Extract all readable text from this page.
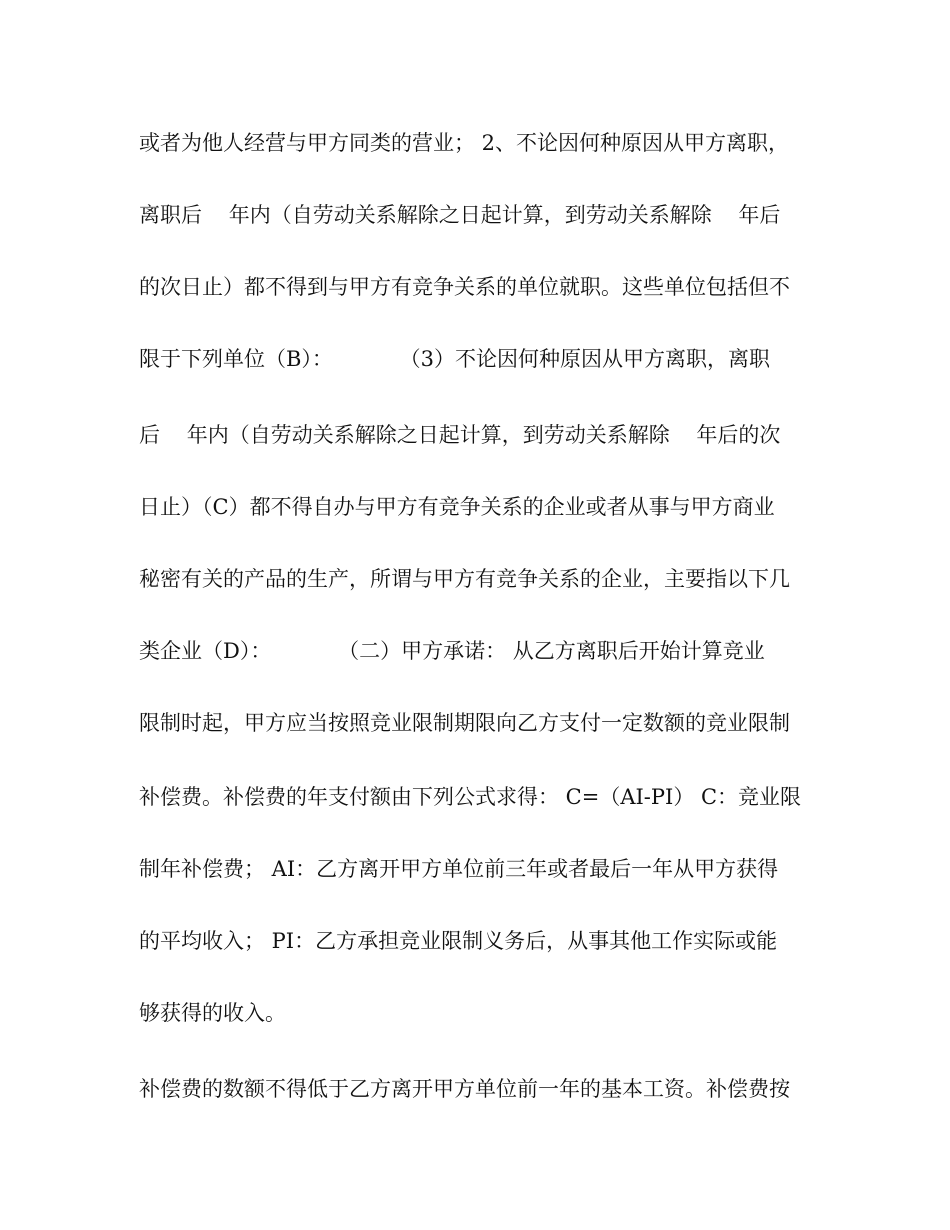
或者为他人经营与甲方同类的营业； 2、不论因何种原因从甲方离职，
离职后    年内（自劳动关系解除之日起计算，到劳动关系解除    年后
的次日止）都不得到与甲方有竞争关系的单位就职。这些单位包括但不
限于下列单位（B）：          （3）不论因何种原因从甲方离职，离职
后    年内（自劳动关系解除之日起计算，到劳动关系解除    年后的次
日止）（C）都不得自办与甲方有竞争关系的企业或者从事与甲方商业
秘密有关的产品的生产，所谓与甲方有竞争关系的企业，主要指以下几
类企业（D）：          （二）甲方承诺： 从乙方离职后开始计算竞业
限制时起，甲方应当按照竞业限制期限向乙方支付一定数额的竞业限制
补偿费。补偿费的年支付额由下列公式求得： C=（AI-PI） C：竞业限
制年补偿费； AI：乙方离开甲方单位前三年或者最后一年从甲方获得
的平均收入； PI：乙方承担竞业限制义务后，从事其他工作实际或能
够获得的收入。
补偿费的数额不得低于乙方离开甲方单位前一年的基本工资。补偿费按
